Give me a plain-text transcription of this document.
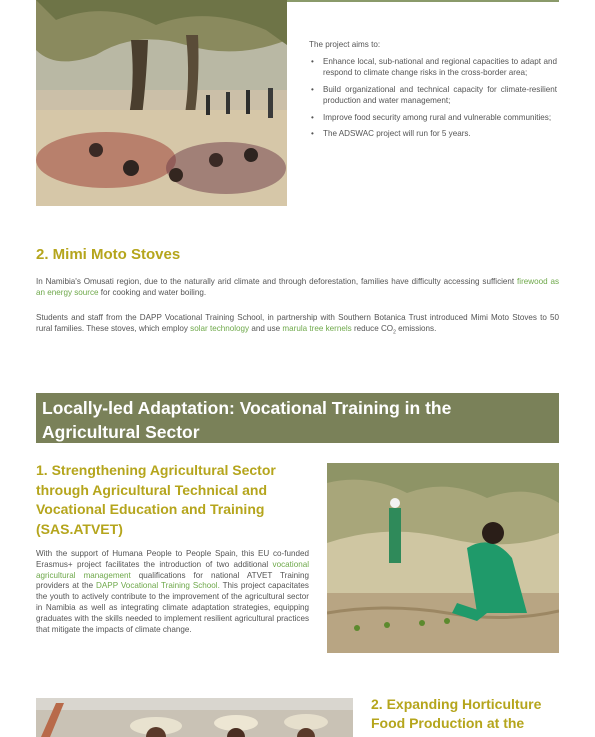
The project aims to:
• Enhance local, sub-national and regional capacities to adapt and respond to climate change risks in the cross-border area;
• Build organizational and technical capacity for climate-resilient production and water management;
• Improve food security among rural and vulnerable communities;
• The ADSWAC project will run for 5 years.
2. Mimi Moto Stoves
In Namibia's Omusati region, due to the naturally arid climate and through deforestation, families have difficulty accessing sufficient firewood as an energy source for cooking and water boiling.
Students and staff from the DAPP Vocational Training School, in partnership with Southern Botanica Trust introduced Mimi Moto Stoves to 50 rural families. These stoves, which employ solar technology and use marula tree kernels reduce $CO_2$ emissions.
Locally-led Adaptation: Vocational Training in the Agricultural Sector
1. Strengthening Agricultural Sector through Agricultural Technical and Vocational Education and Training (SAS.ATVET)
With the support of Humana People to People Spain, this EU co-funded Erasmus+ project facilitates the introduction of two additional vocational agricultural management qualifications for national ATVET Training providers at the DAPP Vocational Training School. This project capacitates the youth to actively contribute to the improvement of the agricultural sector in Namibia as well as integrating climate adaptation strategies, equipping graduates with the skills needed to implement resilient agricultural practices that mitigate the impacts of climate change.
2. Expanding Horticulture Food Production at the
